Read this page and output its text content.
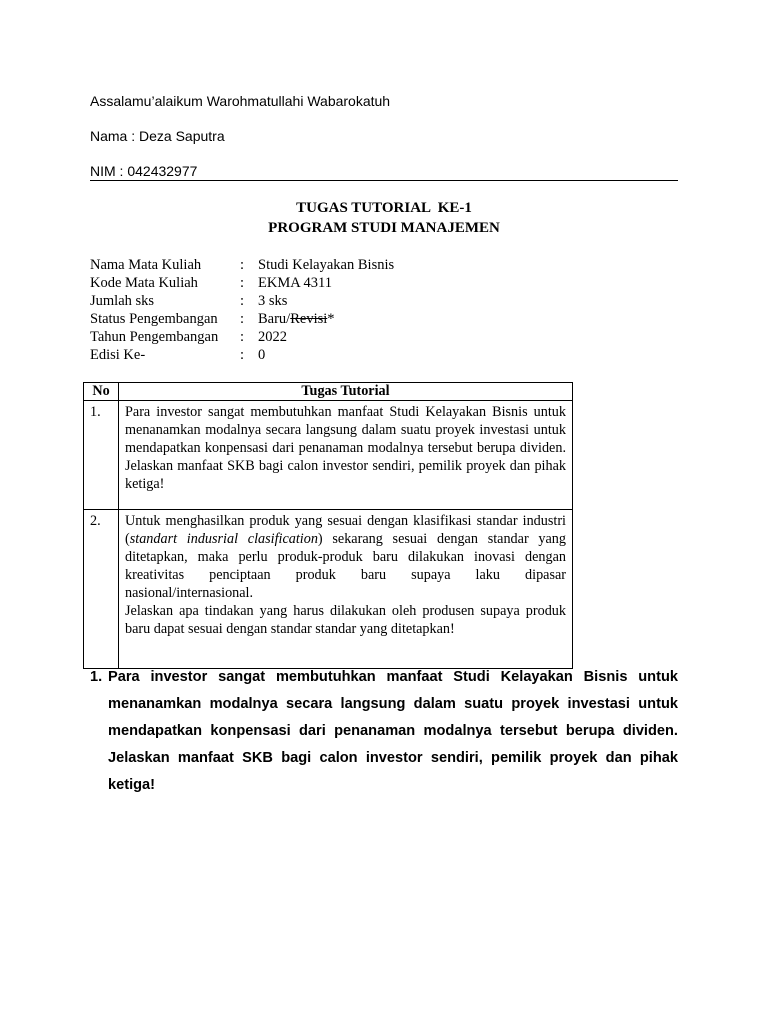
Assalamu’alaikum Warohmatullahi Wabarokatuh
Nama : Deza Saputra
NIM : 042432977
TUGAS TUTORIAL  KE-1
PROGRAM STUDI MANAJEMEN
Nama Mata Kuliah	:	Studi Kelayakan Bisnis
Kode Mata Kuliah	:	EKMA 4311
Jumlah sks	:	3 sks
Status Pengembangan	:	Baru/Revisi*
Tahun Pengembangan	:	2022
Edisi Ke-	:	0
No	Tugas Tutorial
1.	Para investor sangat membutuhkan manfaat Studi Kelayakan Bisnis untuk menanamkan modalnya secara langsung dalam suatu proyek investasi untuk mendapatkan konpensasi dari penanaman modalnya tersebut berupa dividen. Jelaskan manfaat SKB bagi calon investor sendiri, pemilik proyek dan pihak ketiga!
2.	Untuk menghasilkan produk yang sesuai dengan klasifikasi standar industri (standart indusrial clasification) sekarang sesuai dengan standar yang ditetapkan, maka perlu produk-produk baru dilakukan inovasi dengan kreativitas penciptaan produk baru supaya laku dipasar nasional/internasional.
Jelaskan apa tindakan yang harus dilakukan oleh produsen supaya produk baru dapat sesuai dengan standar standar yang ditetapkan!
1. Para investor sangat membutuhkan manfaat Studi Kelayakan Bisnis untuk menanamkan modalnya secara langsung dalam suatu proyek investasi untuk mendapatkan konpensasi dari penanaman modalnya tersebut berupa dividen. Jelaskan manfaat SKB bagi calon investor sendiri, pemilik proyek dan pihak ketiga!
